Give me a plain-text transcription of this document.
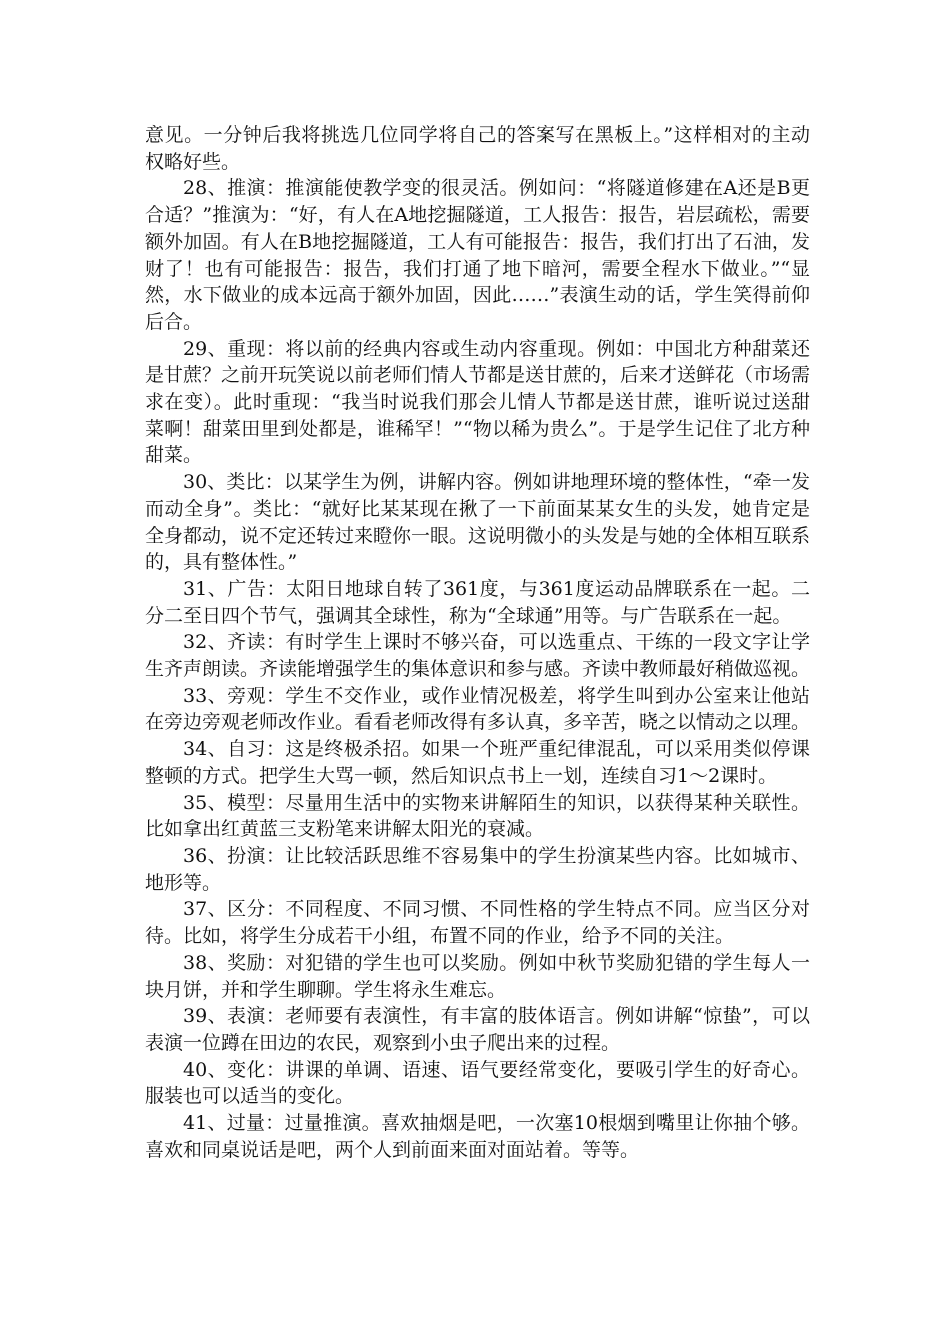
意见。一分钟后我将挑选几位同学将自己的答案写在黑板上。”这样相对的主动权略好些。

28、推演：推演能使教学变的很灵活。例如问：“将隧道修建在A还是B更合适？”推演为：“好，有人在A地挖掘隧道，工人报告：报告，岩层疏松，需要额外加固。有人在B地挖掘隧道，工人有可能报告：报告，我们打出了石油，发财了！也有可能报告：报告，我们打通了地下暗河，需要全程水下做业。”“显然，水下做业的成本远高于额外加固，因此……”表演生动的话，学生笑得前仰后合。

29、重现：将以前的经典内容或生动内容重现。例如：中国北方种甜菜还是甘蔗？之前开玩笑说以前老师们情人节都是送甘蔗的，后来才送鲜花（市场需求在变）。此时重现：“我当时说我们那会儿情人节都是送甘蔗，谁听说过送甜菜啊！甜菜田里到处都是，谁稀罕！”“物以稀为贵么”。于是学生记住了北方种甜菜。

30、类比：以某学生为例，讲解内容。例如讲地理环境的整体性，“牵一发而动全身”。类比：“就好比某某现在揪了一下前面某某女生的头发，她肯定是全身都动，说不定还转过来瞪你一眼。这说明微小的头发是与她的全体相互联系的，具有整体性。”

31、广告：太阳日地球自转了361度，与361度运动品牌联系在一起。二分二至日四个节气，强调其全球性，称为“全球通”用等。与广告联系在一起。

32、齐读：有时学生上课时不够兴奋，可以选重点、干练的一段文字让学生齐声朗读。齐读能增强学生的集体意识和参与感。齐读中教师最好稍做巡视。

33、旁观：学生不交作业，或作业情况极差，将学生叫到办公室来让他站在旁边旁观老师改作业。看看老师改得有多认真，多辛苦，晓之以情动之以理。

34、自习：这是终极杀招。如果一个班严重纪律混乱，可以采用类似停课整顿的方式。把学生大骂一顿，然后知识点书上一划，连续自习1～2课时。

35、模型：尽量用生活中的实物来讲解陌生的知识，以获得某种关联性。比如拿出红黄蓝三支粉笔来讲解太阳光的衰减。

36、扮演：让比较活跃思维不容易集中的学生扮演某些内容。比如城市、地形等。

37、区分：不同程度、不同习惯、不同性格的学生特点不同。应当区分对待。比如，将学生分成若干小组，布置不同的作业，给予不同的关注。

38、奖励：对犯错的学生也可以奖励。例如中秋节奖励犯错的学生每人一块月饼，并和学生聊聊。学生将永生难忘。

39、表演：老师要有表演性，有丰富的肢体语言。例如讲解“惊蛰”，可以表演一位蹲在田边的农民，观察到小虫子爬出来的过程。

40、变化：讲课的单调、语速、语气要经常变化，要吸引学生的好奇心。服装也可以适当的变化。

41、过量：过量推演。喜欢抽烟是吧，一次塞10根烟到嘴里让你抽个够。喜欢和同桌说话是吧，两个人到前面来面对面站着。等等。
